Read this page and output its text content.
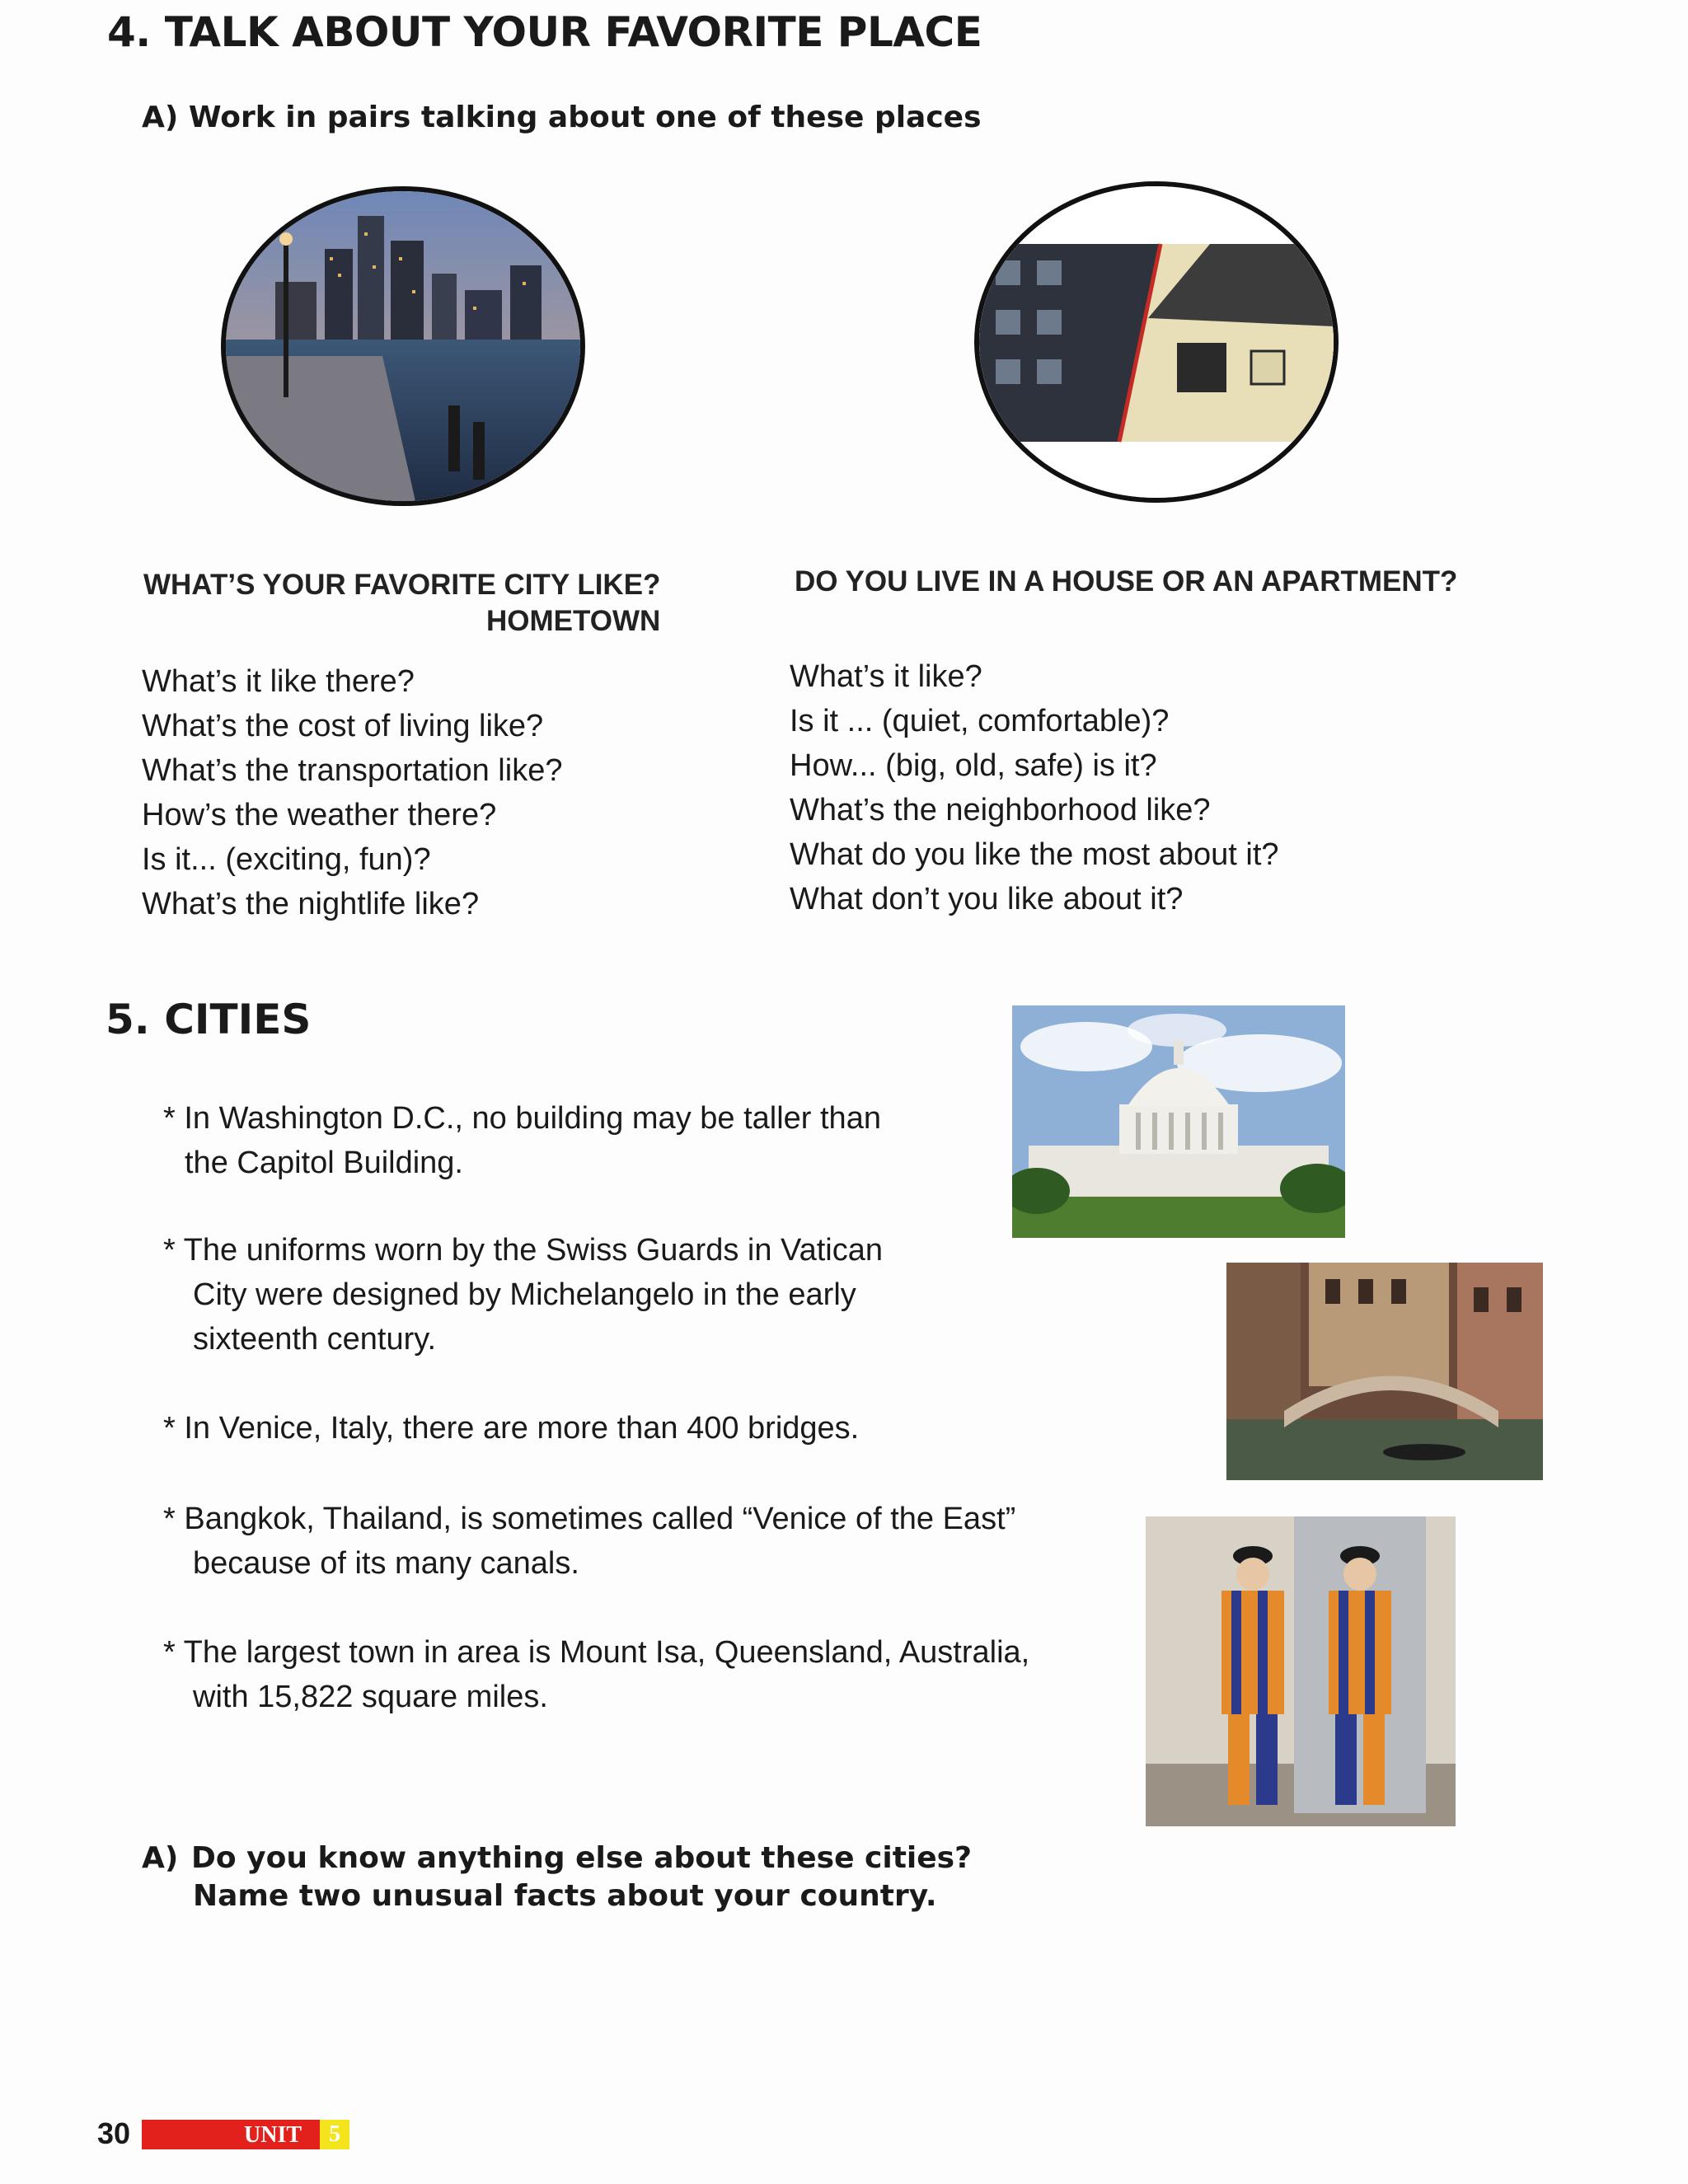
4. TALK ABOUT YOUR FAVORITE PLACE
A) Work in pairs talking about one of these places
WHAT’S YOUR FAVORITE CITY LIKE?
HOMETOWN
What’s it like there?
What’s the cost of living like?
What’s the transportation like?
How’s the weather there?
Is it... (exciting, fun)?
What’s the nightlife like?
DO YOU LIVE IN A HOUSE OR AN APARTMENT?
What’s it like?
Is it ... (quiet, comfortable)?
How... (big, old, safe) is it?
What’s the neighborhood like?
What do you like the most about it?
What don’t you like about it?
5. CITIES
* In Washington D.C., no building may be taller than
the Capitol Building.
* The uniforms worn by the Swiss Guards in Vatican
City were designed by Michelangelo in the early
sixteenth century.
* In Venice, Italy, there are more than 400 bridges.
* Bangkok, Thailand, is sometimes called “Venice of the East”
because of its many canals.
* The largest town in area is Mount Isa, Queensland, Australia,
with 15,822 square miles.
A) Do you know anything else about these cities?
Name two unusual facts about your country.
30	UNIT	5
